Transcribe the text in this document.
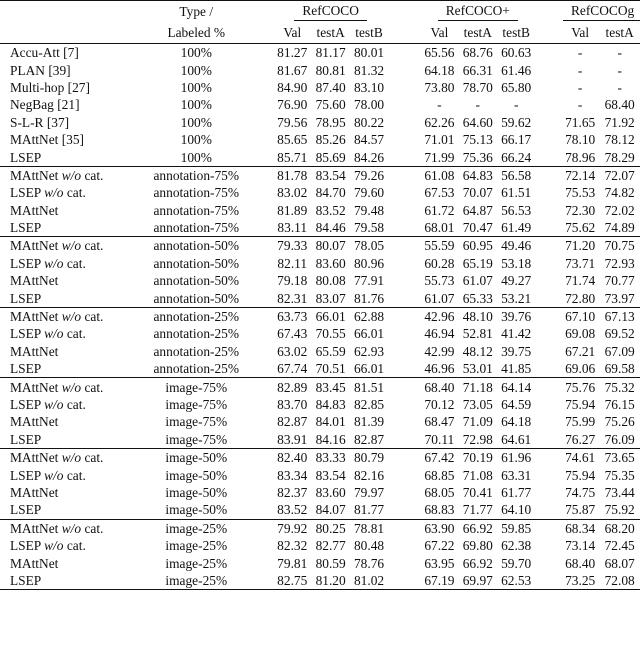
	Type /		RefCOCO				RefCOCO+				RefCOCOg	
	Labeled %		Val	testA	testB		Val	testA	testB		Val	testA
Accu-Att [7]	100%		81.27	81.17	80.01		65.56	68.76	60.63		-	-
PLAN [39]	100%		81.67	80.81	81.32		64.18	66.31	61.46		-	-
Multi-hop [27]	100%		84.90	87.40	83.10		73.80	78.70	65.80		-	-
NegBag [21]	100%		76.90	75.60	78.00		-	-	-		-	68.40
S-L-R [37]	100%		79.56	78.95	80.22		62.26	64.60	59.62		71.65	71.92
MAttNet [35]	100%		85.65	85.26	84.57		71.01	75.13	66.17		78.10	78.12
LSEP	100%		85.71	85.69	84.26		71.99	75.36	66.24		78.96	78.29
MAttNet w/o cat.	annotation-75%		81.78	83.54	79.26		61.08	64.83	56.58		72.14	72.07
LSEP w/o cat.	annotation-75%		83.02	84.70	79.60		67.53	70.07	61.51		75.53	74.82
MAttNet	annotation-75%		81.89	83.52	79.48		61.72	64.87	56.53		72.30	72.02
LSEP	annotation-75%		83.11	84.46	79.58		68.01	70.47	61.49		75.62	74.89
MAttNet w/o cat.	annotation-50%		79.33	80.07	78.05		55.59	60.95	49.46		71.20	70.75
LSEP w/o cat.	annotation-50%		82.11	83.60	80.96		60.28	65.19	53.18		73.71	72.93
MAttNet	annotation-50%		79.18	80.08	77.91		55.73	61.07	49.27		71.74	70.77
LSEP	annotation-50%		82.31	83.07	81.76		61.07	65.33	53.21		72.80	73.97
MAttNet w/o cat.	annotation-25%		63.73	66.01	62.88		42.96	48.10	39.76		67.10	67.13
LSEP w/o cat.	annotation-25%		67.43	70.55	66.01		46.94	52.81	41.42		69.08	69.52
MAttNet	annotation-25%		63.02	65.59	62.93		42.99	48.12	39.75		67.21	67.09
LSEP	annotation-25%		67.74	70.51	66.01		46.96	53.01	41.85		69.06	69.58
MAttNet w/o cat.	image-75%		82.89	83.45	81.51		68.40	71.18	64.14		75.76	75.32
LSEP w/o cat.	image-75%		83.70	84.83	82.85		70.12	73.05	64.59		75.94	76.15
MAttNet	image-75%		82.87	84.01	81.39		68.47	71.09	64.18		75.99	75.26
LSEP	image-75%		83.91	84.16	82.87		70.11	72.98	64.61		76.27	76.09
MAttNet w/o cat.	image-50%		82.40	83.33	80.79		67.42	70.19	61.96		74.61	73.65
LSEP w/o cat.	image-50%		83.34	83.54	82.16		68.85	71.08	63.31		75.94	75.35
MAttNet	image-50%		82.37	83.60	79.97		68.05	70.41	61.77		74.75	73.44
LSEP	image-50%		83.52	84.07	81.77		68.83	71.77	64.10		75.87	75.92
MAttNet w/o cat.	image-25%		79.92	80.25	78.81		63.90	66.92	59.85		68.34	68.20
LSEP w/o cat.	image-25%		82.32	82.77	80.48		67.22	69.80	62.38		73.14	72.45
MAttNet	image-25%		79.81	80.59	78.76		63.95	66.92	59.70		68.40	68.07
LSEP	image-25%		82.75	81.20	81.02		67.19	69.97	62.53		73.25	72.08
